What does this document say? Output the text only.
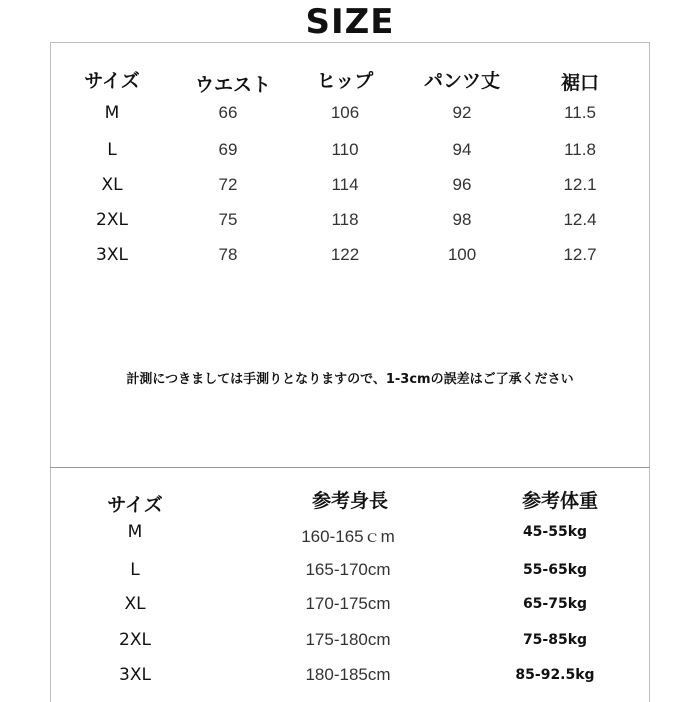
SIZE
サイズ	ウエスト	ヒップ	パンツ丈	裾口
M	66	106	92	11.5
L	69	110	94	11.8
XL	72	114	96	12.1
2XL	75	118	98	12.4
3XL	78	122	100	12.7
計測につきましては手測りとなりますので、1-3cmの誤差はご了承ください
サイズ	参考身長	参考体重
M	160-165ｃm	45-55kg
L	165-170cm	55-65kg
XL	170-175cm	65-75kg
2XL	175-180cm	75-85kg
3XL	180-185cm	85-92.5kg
